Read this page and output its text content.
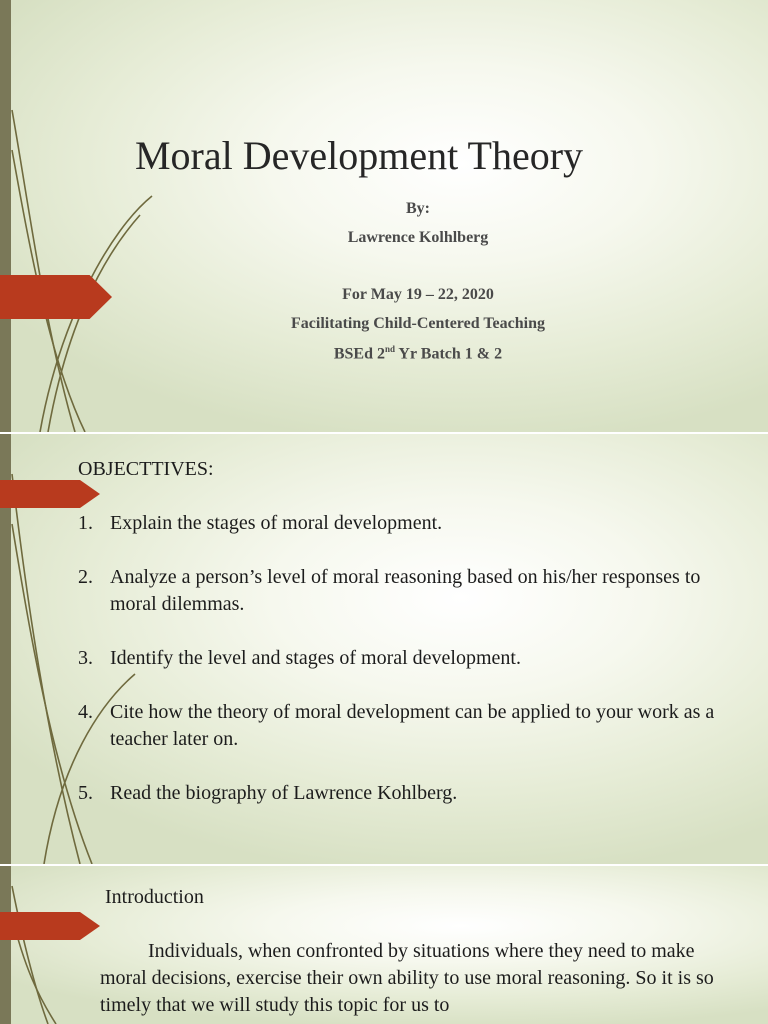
Moral Development Theory
By:
Lawrence Kolhlberg
For May 19 – 22, 2020
Facilitating Child-Centered Teaching
BSEd 2nd Yr Batch 1 & 2
OBJECTTIVES:
1. Explain the stages of moral development.
2. Analyze a person’s level of moral reasoning based on his/her responses to moral dilemmas.
3. Identify the level and stages of moral development.
4. Cite how the theory of moral development can be applied to your work as a teacher later on.
5. Read the biography of Lawrence Kohlberg.
Introduction
Individuals, when confronted by situations where they need to make moral decisions, exercise their own ability to use moral reasoning. So it is so timely that we will study this topic for us to
